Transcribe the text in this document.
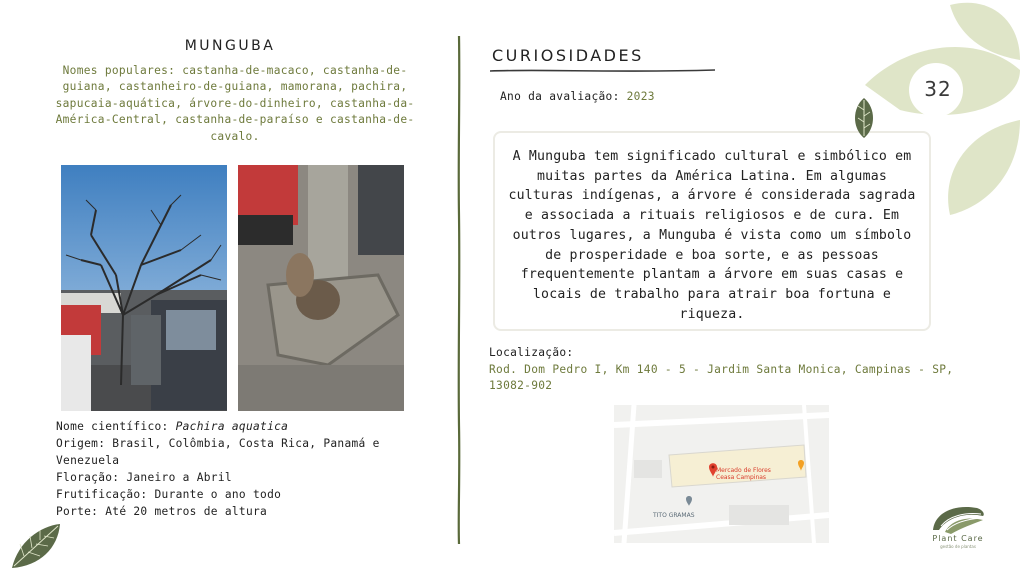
MUNGUBA
Nomes populares: castanha-de-macaco, castanha-de-guiana, castanheiro-de-guiana, mamorana, pachira, sapucaia-aquática, árvore-do-dinheiro, castanha-da-América-Central, castanha-de-paraíso e castanha-de-cavalo.
Nome científico: Pachira aquatica
Origem: Brasil, Colômbia, Costa Rica, Panamá e Venezuela
Floração: Janeiro a Abril
Frutificação: Durante o ano todo
Porte: Até 20 metros de altura
CURIOSIDADES
Ano da avaliação: 2023
A Munguba tem significado cultural e simbólico em muitas partes da América Latina. Em algumas culturas indígenas, a árvore é considerada sagrada e associada a rituais religiosos e de cura. Em outros lugares, a Munguba é vista como um símbolo de prosperidade e boa sorte, e as pessoas frequentemente plantam a árvore em suas casas e locais de trabalho para atrair boa fortuna e riqueza.
Localização:
Rod. Dom Pedro I, Km 140 - 5 - Jardim Santa Monica, Campinas - SP, 13082-902
Mercado de Flores
Ceasa Campinas
TITO GRAMAS
32
Plant Care
gestão de plantas
